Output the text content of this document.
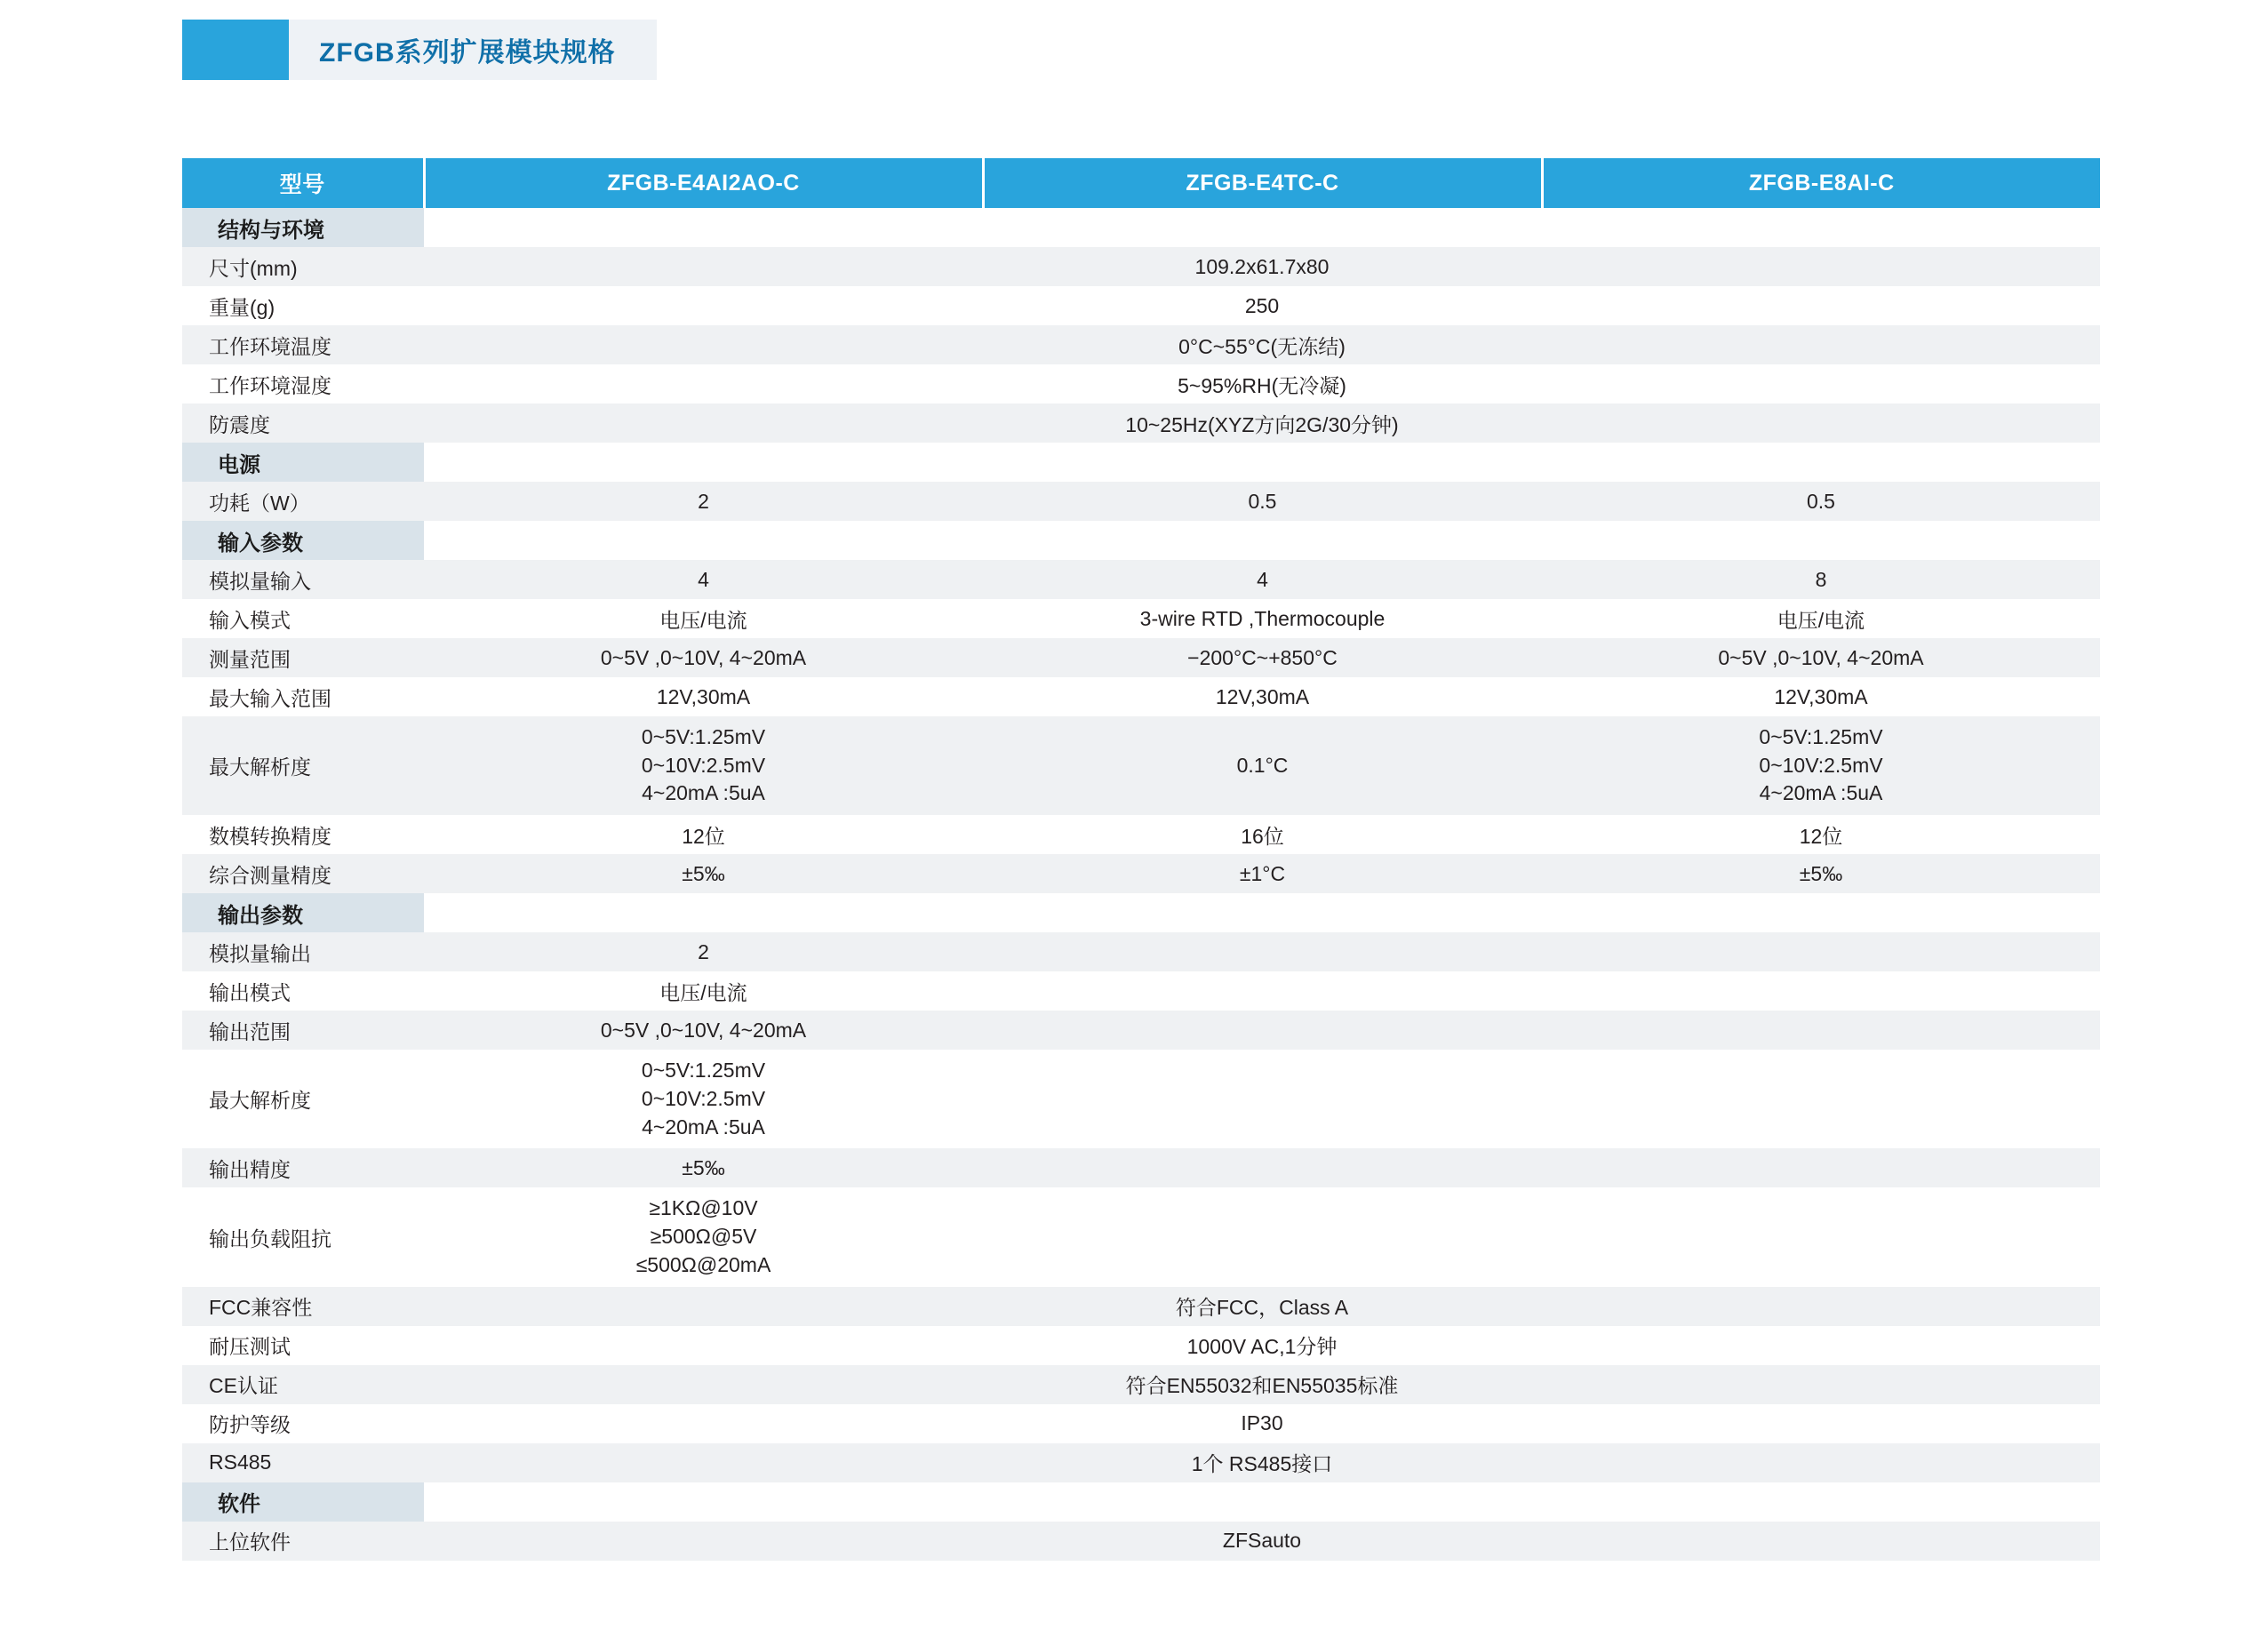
ZFGB系列扩展模块规格
型号	ZFGB-E4AI2AO-C	ZFGB-E4TC-C	ZFGB-E8AI-C
结构与环境			
尺寸(mm)	109.2x61.7x80		
重量(g)	250		
工作环境温度	0°C~55°C(无冻结)		
工作环境湿度	5~95%RH(无冷凝)		
防震度	10~25Hz(XYZ方向2G/30分钟)		
电源			
功耗（W）	2	0.5	0.5
输入参数			
模拟量输入	4	4	8
输入模式	电压/电流	3-wire RTD ,Thermocouple	电压/电流
测量范围	0~5V ,0~10V, 4~20mA	−200°C~+850°C	0~5V ,0~10V, 4~20mA
最大输入范围	12V,30mA	12V,30mA	12V,30mA
最大解析度	0~5V:1.25mV
0~10V:2.5mV
4~20mA :5uA	0.1°C	0~5V:1.25mV
0~10V:2.5mV
4~20mA :5uA

数模转换精度	12位	16位	12位
综合测量精度	±5‰	±1°C	±5‰
输出参数			
模拟量输出	2		
输出模式	电压/电流		
输出范围	0~5V ,0~10V, 4~20mA		
最大解析度	0~5V:1.25mV
0~10V:2.5mV
4~20mA :5uA		

输出精度	±5‰		
输出负载阻抗	≥1KΩ@10V
≥500Ω@5V
≤500Ω@20mA		

FCC兼容性	符合FCC，Class A		
耐压测试	1000V AC,1分钟		
CE认证	符合EN55032和EN55035标准		
防护等级	IP30		
RS485	1个 RS485接口		
软件			
上位软件	ZFSauto		
